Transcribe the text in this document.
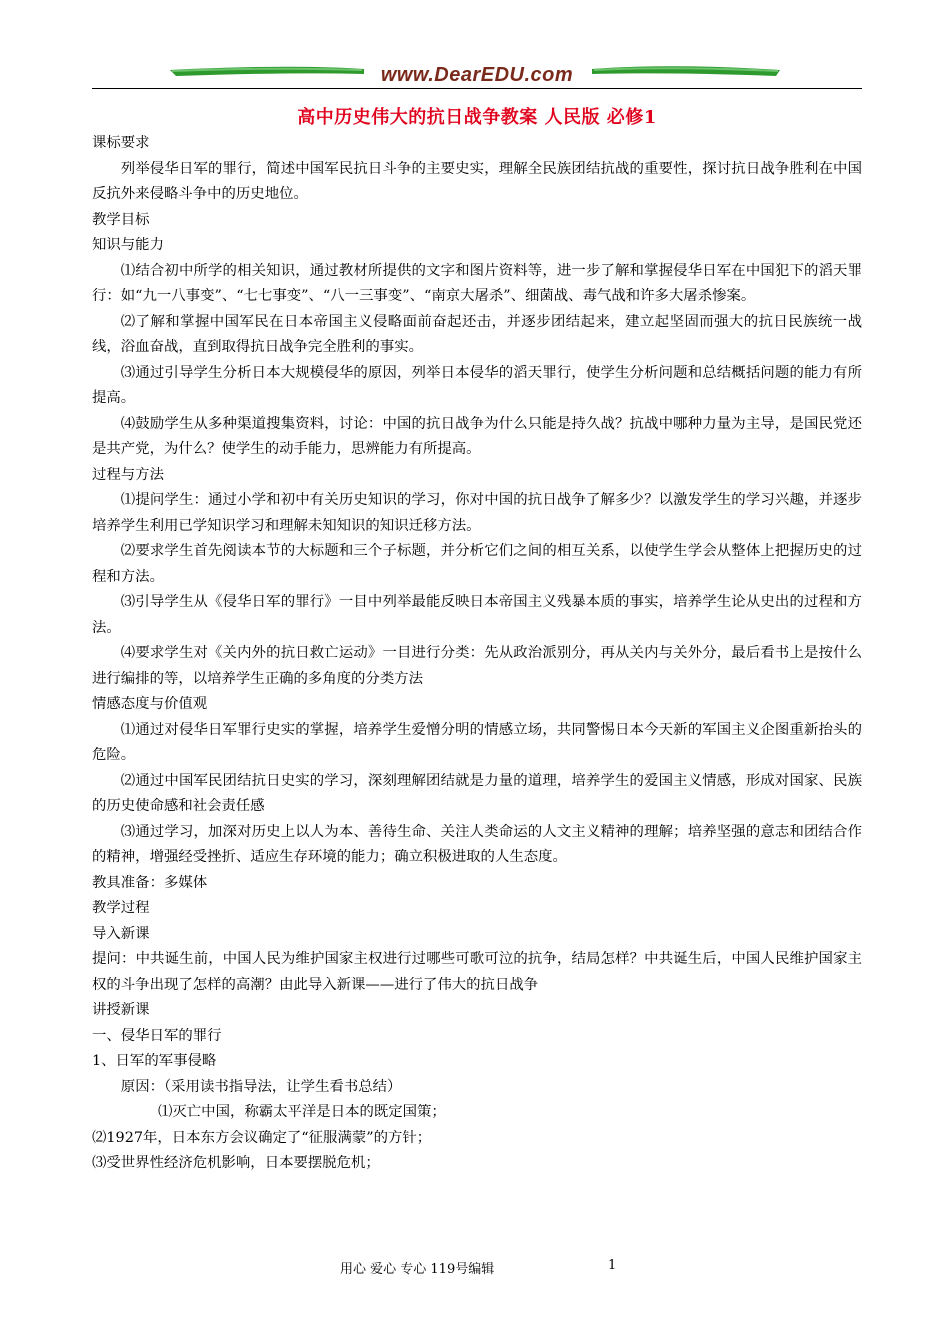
www.DearEDU.com
高中历史伟大的抗日战争教案 人民版 必修1

课标要求

列举侵华日军的罪行，简述中国军民抗日斗争的主要史实，理解全民族团结抗战的重要性，探讨抗日战争胜利在中国反抗外来侵略斗争中的历史地位。

教学目标

知识与能力

⑴结合初中所学的相关知识，通过教材所提供的文字和图片资料等，进一步了解和掌握侵华日军在中国犯下的滔天罪行：如“九一八事变”、“七七事变”、“八一三事变”、“南京大屠杀”、细菌战、毒气战和许多大屠杀惨案。

⑵了解和掌握中国军民在日本帝国主义侵略面前奋起还击，并逐步团结起来，建立起坚固而强大的抗日民族统一战线，浴血奋战，直到取得抗日战争完全胜利的事实。

⑶通过引导学生分析日本大规模侵华的原因，列举日本侵华的滔天罪行，使学生分析问题和总结概括问题的能力有所提高。

⑷鼓励学生从多种渠道搜集资料，讨论：中国的抗日战争为什么只能是持久战？抗战中哪种力量为主导，是国民党还是共产党，为什么？使学生的动手能力，思辨能力有所提高。

过程与方法

⑴提问学生：通过小学和初中有关历史知识的学习，你对中国的抗日战争了解多少？以激发学生的学习兴趣，并逐步培养学生利用已学知识学习和理解未知知识的知识迁移方法。

⑵要求学生首先阅读本节的大标题和三个子标题，并分析它们之间的相互关系，以使学生学会从整体上把握历史的过程和方法。

⑶引导学生从《侵华日军的罪行》一目中列举最能反映日本帝国主义残暴本质的事实，培养学生论从史出的过程和方法。

⑷要求学生对《关内外的抗日救亡运动》一目进行分类：先从政治派别分，再从关内与关外分，最后看书上是按什么进行编排的等，以培养学生正确的多角度的分类方法

情感态度与价值观

⑴通过对侵华日军罪行史实的掌握，培养学生爱憎分明的情感立场，共同警惕日本今天新的军国主义企图重新抬头的危险。

⑵通过中国军民团结抗日史实的学习，深刻理解团结就是力量的道理，培养学生的爱国主义情感，形成对国家、民族的历史使命感和社会责任感

⑶通过学习，加深对历史上以人为本、善待生命、关注人类命运的人文主义精神的理解；培养坚强的意志和团结合作的精神，增强经受挫折、适应生存环境的能力；确立积极进取的人生态度。

教具准备：多媒体

教学过程

导入新课

提问：中共诞生前，中国人民为维护国家主权进行过哪些可歌可泣的抗争，结局怎样？中共诞生后，中国人民维护国家主权的斗争出现了怎样的高潮？由此导入新课——进行了伟大的抗日战争

讲授新课

一、侵华日军的罪行

1、日军的军事侵略

原因：（采用读书指导法，让学生看书总结）

⑴灭亡中国，称霸太平洋是日本的既定国策；

⑵1927年，日本东方会议确定了“征服满蒙”的方针；

⑶受世界性经济危机影响，日本要摆脱危机；

用心 爱心 专心 119号编辑	1
